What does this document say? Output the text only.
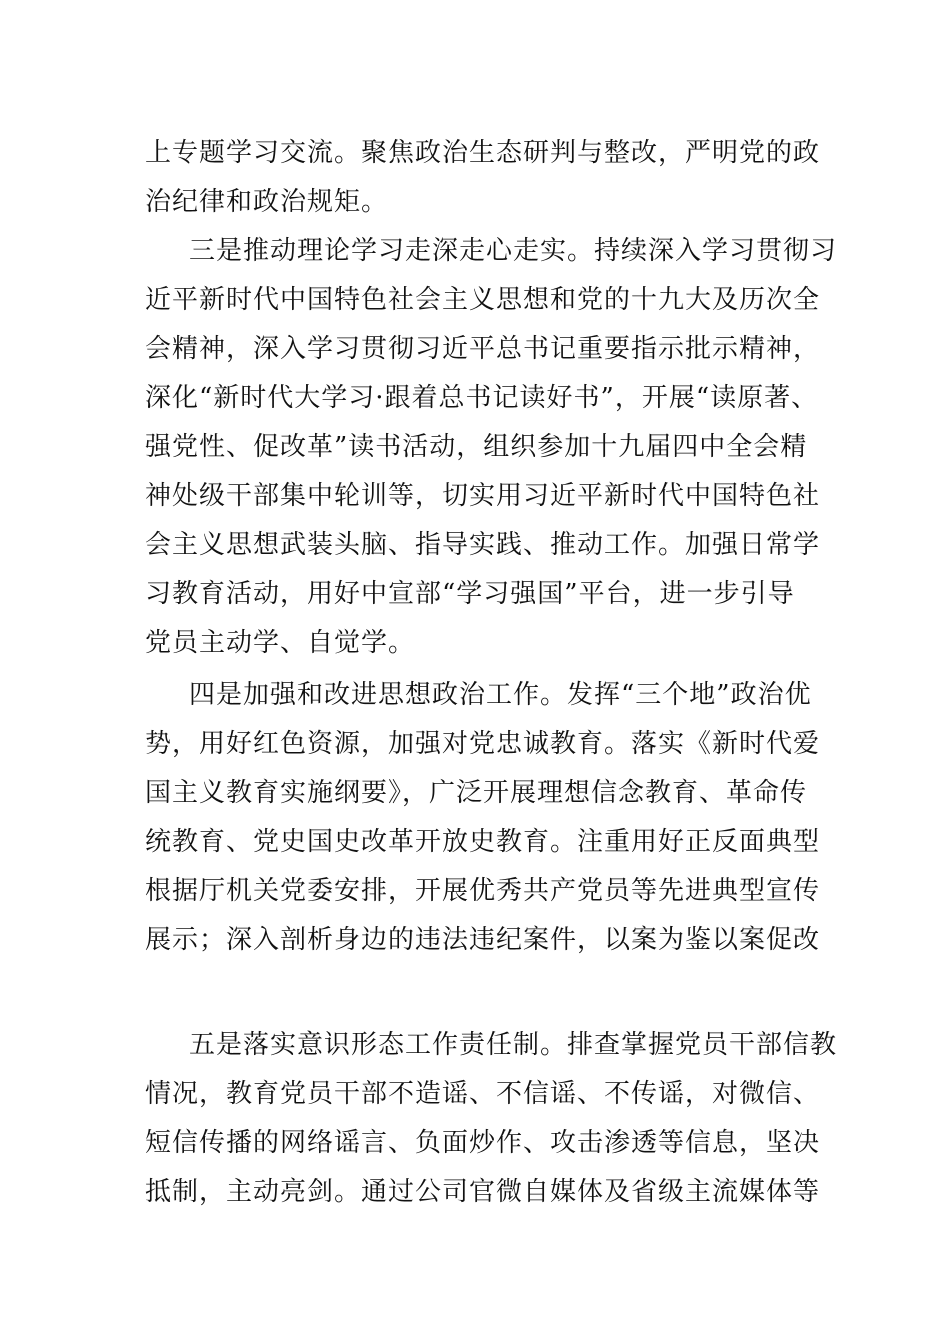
上专题学习交流。聚焦政治生态研判与整改，严明党的政
治纪律和政治规矩。
三是推动理论学习走深走心走实。持续深入学习贯彻习
近平新时代中国特色社会主义思想和党的十九大及历次全
会精神，深入学习贯彻习近平总书记重要指示批示精神，
深化“新时代大学习·跟着总书记读好书”，开展“读原著、
强党性、促改革”读书活动，组织参加十九届四中全会精
神处级干部集中轮训等，切实用习近平新时代中国特色社
会主义思想武装头脑、指导实践、推动工作。加强日常学
习教育活动，用好中宣部“学习强国”平台，进一步引导
党员主动学、自觉学。
四是加强和改进思想政治工作。发挥“三个地”政治优
势，用好红色资源，加强对党忠诚教育。落实《新时代爱
国主义教育实施纲要》，广泛开展理想信念教育、革命传
统教育、党史国史改革开放史教育。注重用好正反面典型
根据厅机关党委安排，开展优秀共产党员等先进典型宣传
展示；深入剖析身边的违法违纪案件，以案为鉴以案促改
五是落实意识形态工作责任制。排查掌握党员干部信教
情况，教育党员干部不造谣、不信谣、不传谣，对微信、
短信传播的网络谣言、负面炒作、攻击渗透等信息，坚决
抵制，主动亮剑。通过公司官微自媒体及省级主流媒体等
